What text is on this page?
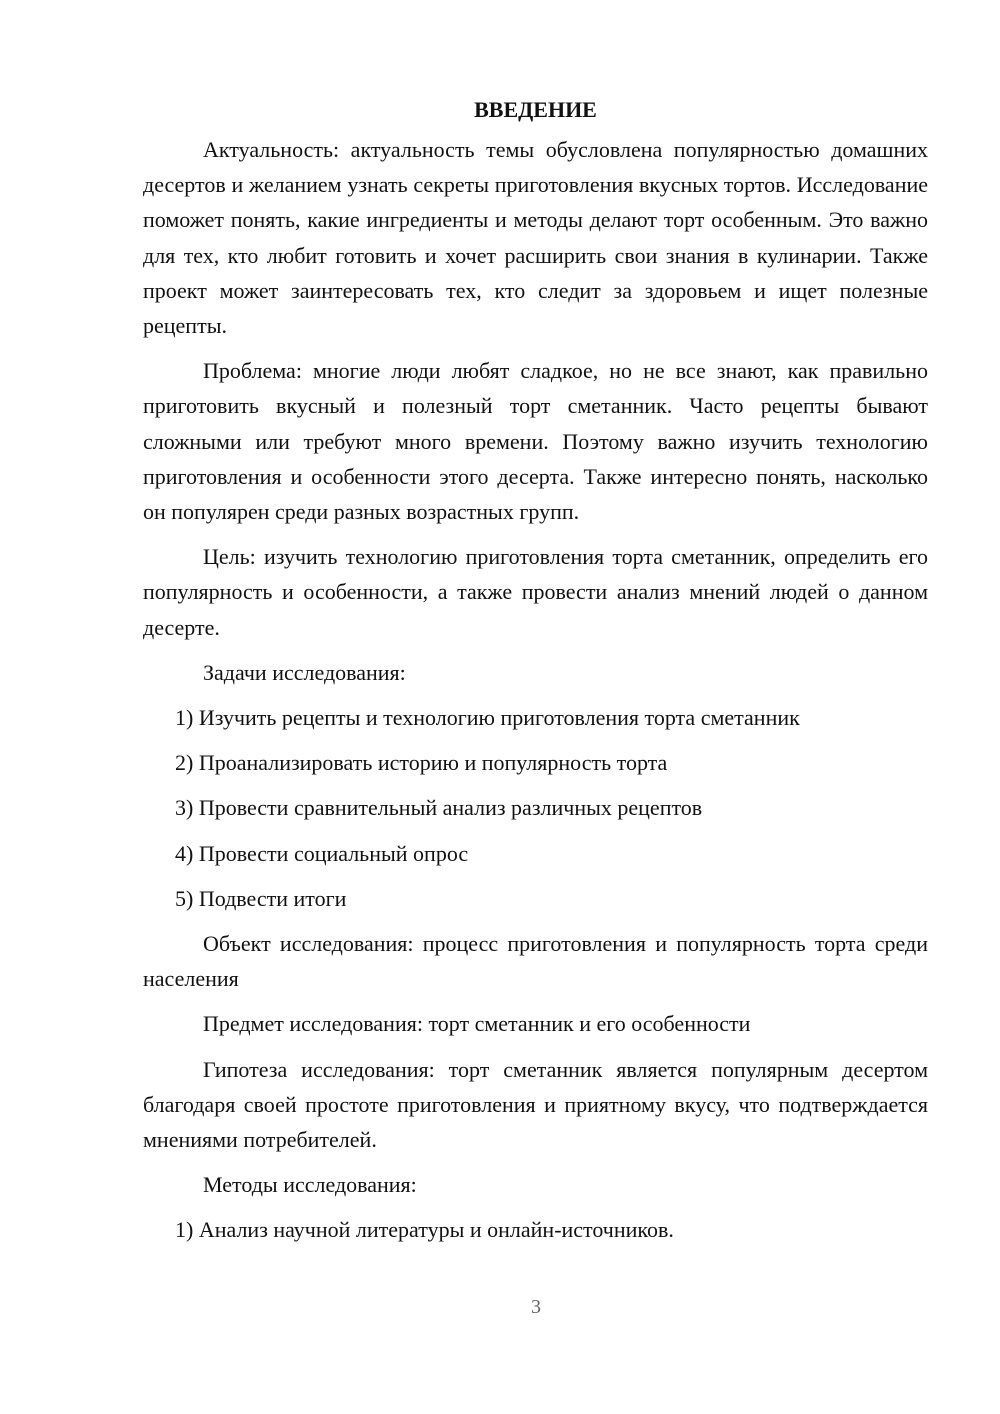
ВВЕДЕНИЕ

Актуальность: актуальность темы обусловлена популярностью домашних десертов и желанием узнать секреты приготовления вкусных тортов. Исследование поможет понять, какие ингредиенты и методы делают торт особенным. Это важно для тех, кто любит готовить и хочет расширить свои знания в кулинарии. Также проект может заинтересовать тех, кто следит за здоровьем и ищет полезные рецепты.

Проблема: многие люди любят сладкое, но не все знают, как правильно приготовить вкусный и полезный торт сметанник. Часто рецепты бывают сложными или требуют много времени. Поэтому важно изучить технологию приготовления и особенности этого десерта. Также интересно понять, насколько он популярен среди разных возрастных групп.

Цель: изучить технологию приготовления торта сметанник, определить его популярность и особенности, а также провести анализ мнений людей о данном десерте.

Задачи исследования:

1) Изучить рецепты и технологию приготовления торта сметанник
2) Проанализировать историю и популярность торта
3) Провести сравнительный анализ различных рецептов
4) Провести социальный опрос
5) Подвести итоги

Объект исследования: процесс приготовления и популярность торта среди населения

Предмет исследования: торт сметанник и его особенности

Гипотеза исследования: торт сметанник является популярным десертом благодаря своей простоте приготовления и приятному вкусу, что подтверждается мнениями потребителей.

Методы исследования:

1) Анализ научной литературы и онлайн-источников.
3
